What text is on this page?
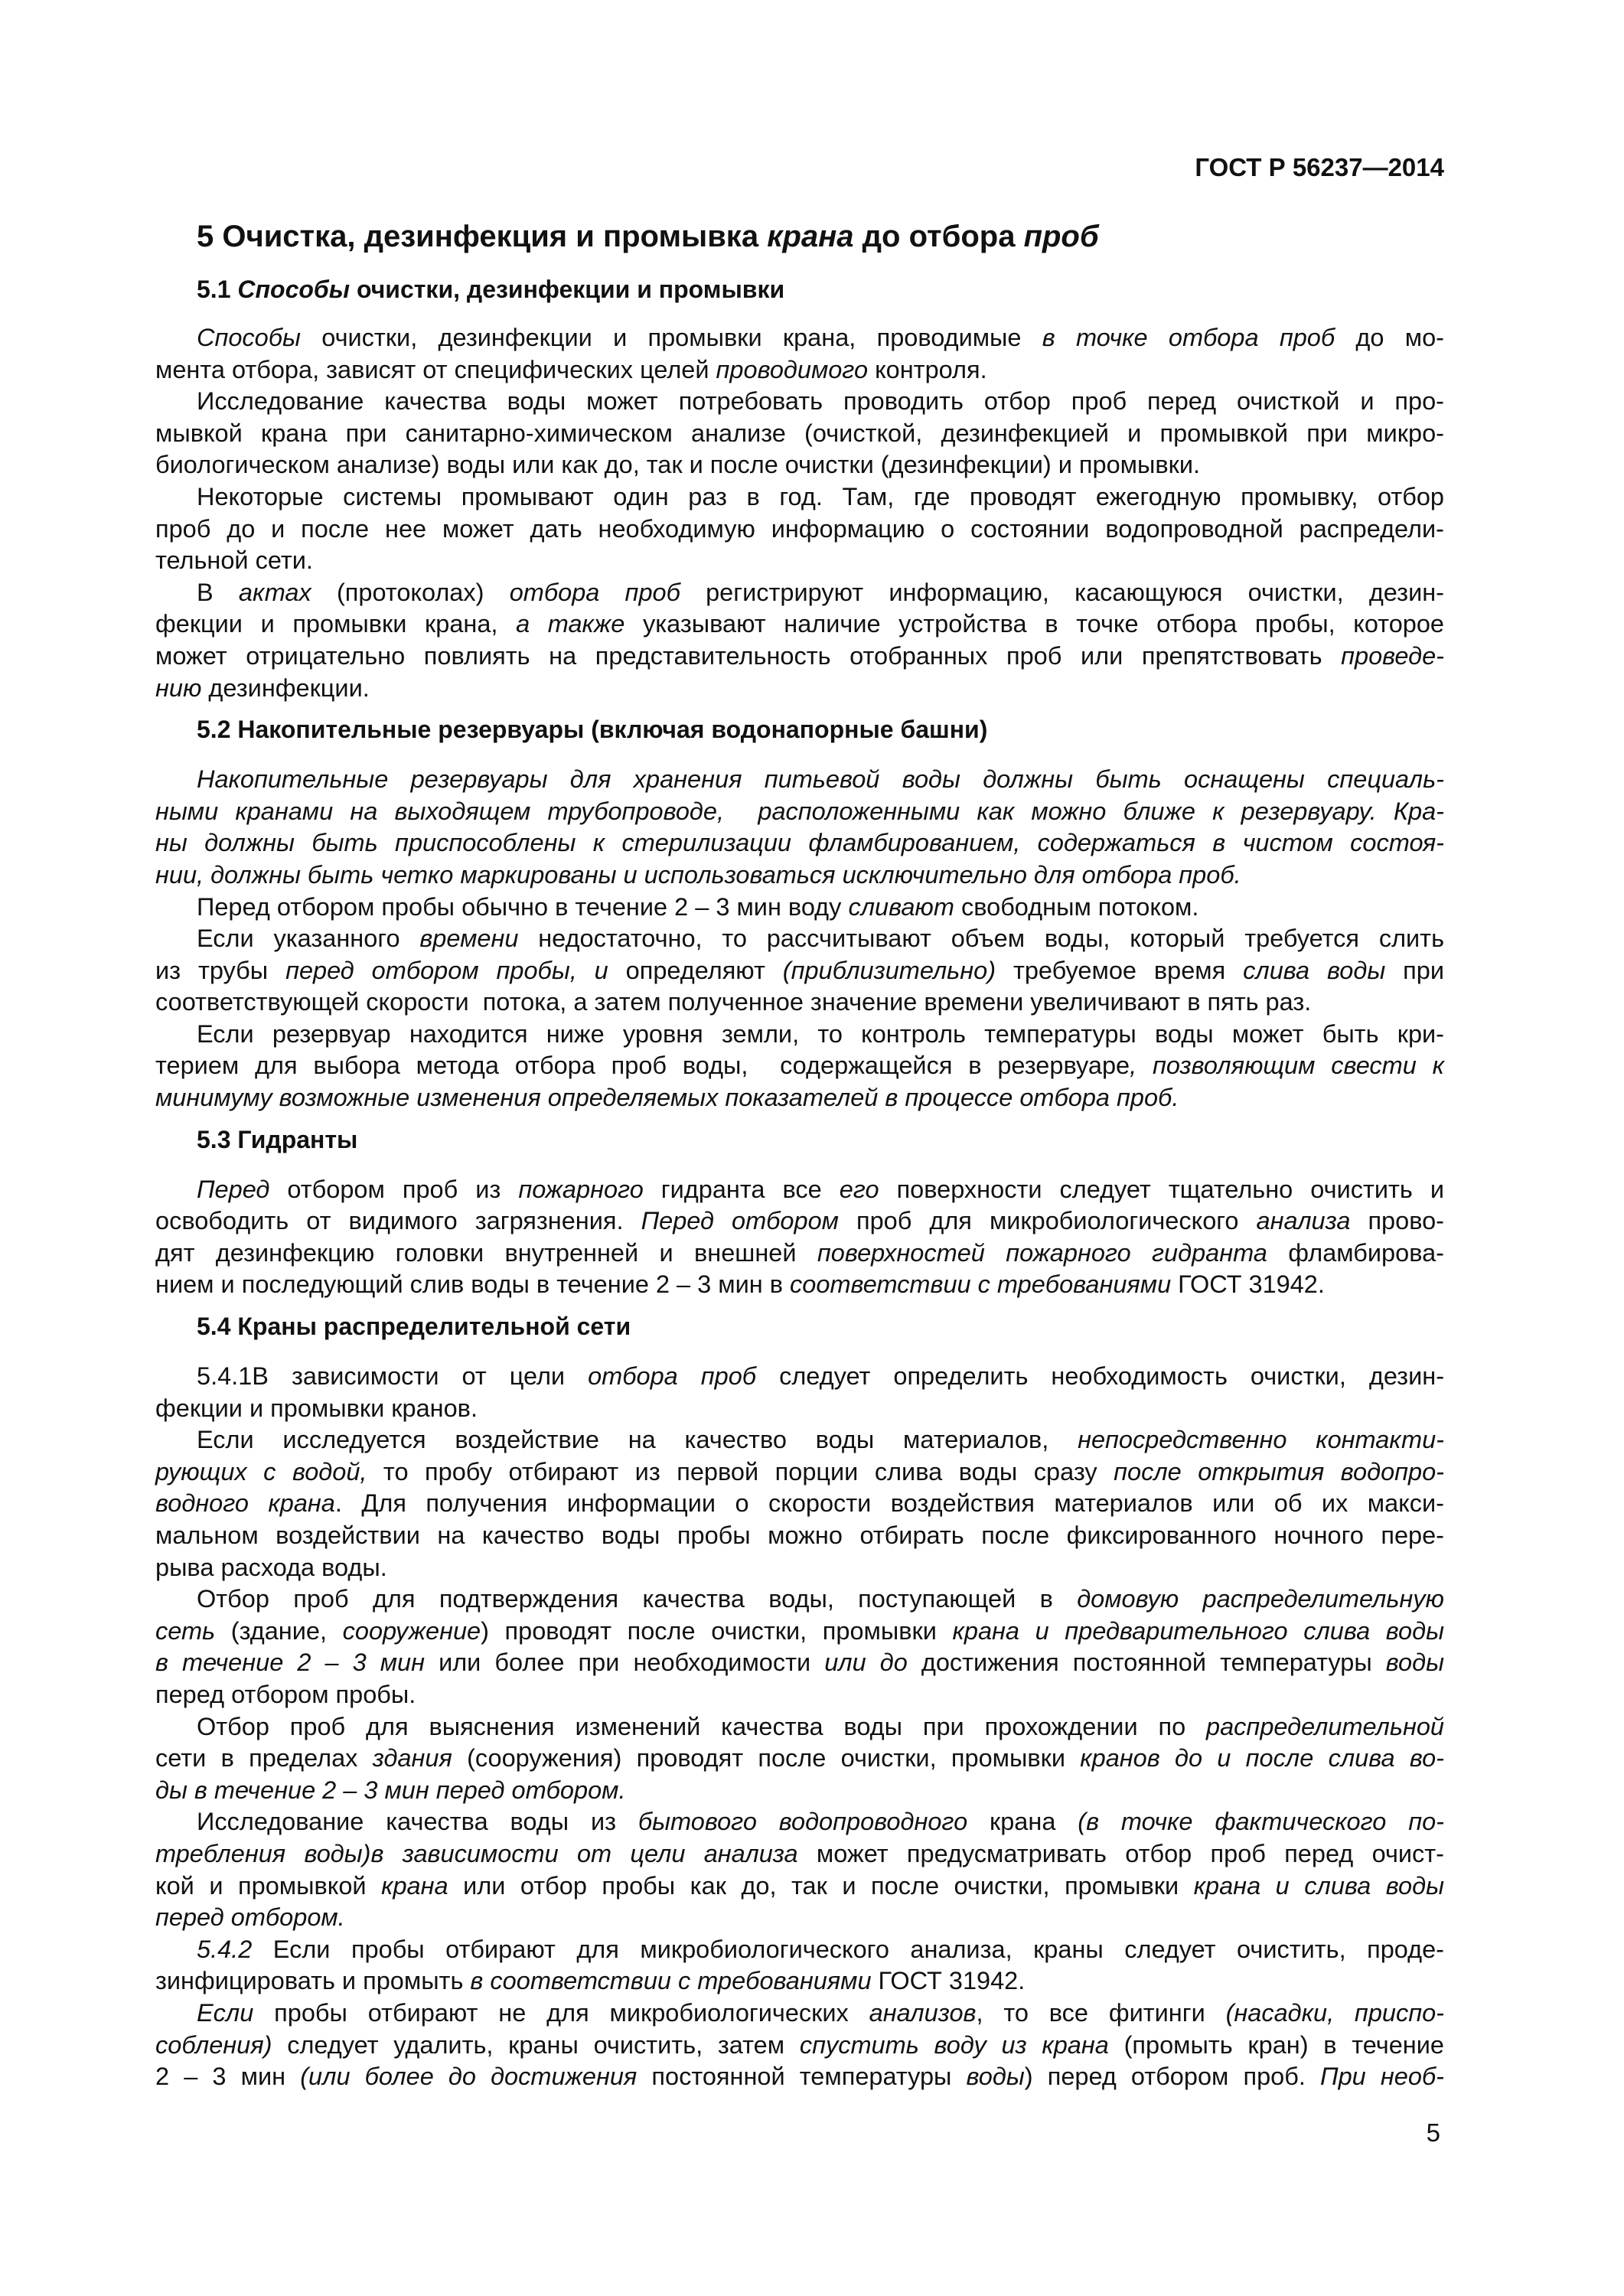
ГОСТ Р 56237—2014
5 Очистка, дезинфекция и промывка крана до отбора проб
5.1 Способы очистки, дезинфекции и промывки
Способы очистки, дезинфекции и промывки крана, проводимые в точке отбора проб до мо-
мента отбора, зависят от специфических целей проводимого контроля.
Исследование качества воды может потребовать проводить отбор проб перед очисткой и про-
мывкой крана при санитарно-химическом анализе (очисткой, дезинфекцией и промывкой при микро-
биологическом анализе) воды или как до, так и после очистки (дезинфекции) и промывки.
Некоторые системы промывают один раз в год. Там, где проводят ежегодную промывку, отбор
проб до и после нее может дать необходимую информацию о состоянии водопроводной распредели-
тельной сети.
В актах (протоколах) отбора проб регистрируют информацию, касающуюся очистки, дезин-
фекции и промывки крана, а также указывают наличие устройства в точке отбора пробы, которое
может отрицательно повлиять на представительность отобранных проб или препятствовать проведе-
нию дезинфекции.
5.2 Накопительные резервуары (включая водонапорные башни)
Накопительные резервуары для хранения питьевой воды должны быть оснащены специаль-
ными кранами на выходящем трубопроводе,  расположенными как можно ближе к резервуару. Кра-
ны должны быть приспособлены к стерилизации фламбированием, содержаться в чистом состоя-
нии, должны быть четко маркированы и использоваться исключительно для отбора проб.
Перед отбором пробы обычно в течение 2 – 3 мин воду сливают свободным потоком.
Если указанного времени недостаточно, то рассчитывают объем воды, который требуется слить
из трубы перед отбором пробы, и определяют (приблизительно) требуемое время слива воды при
соответствующей скорости  потока, а затем полученное значение времени увеличивают в пять раз.
Если резервуар находится ниже уровня земли, то контроль температуры воды может быть кри-
терием для выбора метода отбора проб воды,  содержащейся в резервуаре, позволяющим свести к
минимуму возможные изменения определяемых показателей в процессе отбора проб.
5.3 Гидранты
Перед отбором проб из пожарного гидранта все его поверхности следует тщательно очистить и
освободить от видимого загрязнения. Перед отбором проб для микробиологического анализа прово-
дят дезинфекцию головки внутренней и внешней поверхностей пожарного гидранта фламбирова-
нием и последующий слив воды в течение 2 – 3 мин в соответствии с требованиями ГОСТ 31942.
5.4 Краны распределительной сети
5.4.1В зависимости от цели отбора проб следует определить необходимость очистки, дезин-
фекции и промывки кранов.
Если исследуется воздействие на качество воды материалов, непосредственно контакти-
рующих с водой, то пробу отбирают из первой порции слива воды сразу после открытия водопро-
водного крана. Для получения информации о скорости воздействия материалов или об их макси-
мальном воздействии на качество воды пробы можно отбирать после фиксированного ночного пере-
рыва расхода воды.
Отбор проб для подтверждения качества воды, поступающей в домовую распределительную
сеть (здание, сооружение) проводят после очистки, промывки крана и предварительного слива воды
в течение 2 – 3 мин или более при необходимости или до достижения постоянной температуры воды
перед отбором пробы.
Отбор проб для выяснения изменений качества воды при прохождении по распределительной
сети в пределах здания (сооружения) проводят после очистки, промывки кранов до и после слива во-
ды в течение 2 – 3 мин перед отбором.
Исследование качества воды из бытового водопроводного крана (в точке фактического по-
требления воды)в зависимости от цели анализа может предусматривать отбор проб перед очист-
кой и промывкой крана или отбор пробы как до, так и после очистки, промывки крана и слива воды
перед отбором.
5.4.2 Если пробы отбирают для микробиологического анализа, краны следует очистить, проде-
зинфицировать и промыть в соответствии с требованиями ГОСТ 31942.
Если пробы отбирают не для микробиологических анализов, то все фитинги (насадки, приспо-
собления) следует удалить, краны очистить, затем спустить воду из крана (промыть кран) в течение
2 – 3 мин (или более до достижения постоянной температуры воды) перед отбором проб. При необ-
5
